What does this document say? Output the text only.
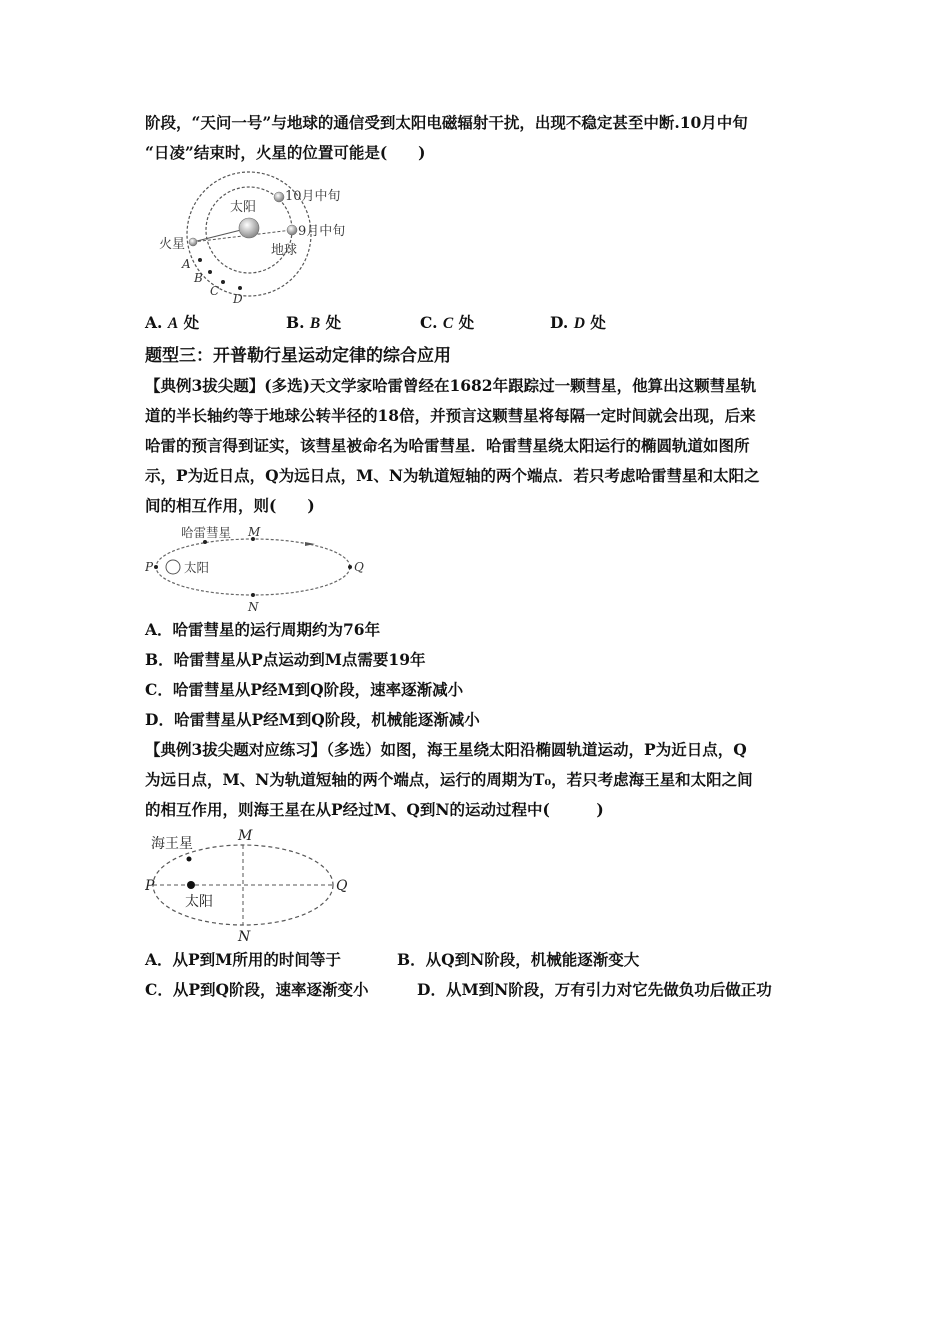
阶段，“天问一号”与地球的通信受到太阳电磁辐射干扰，出现不稳定甚至中断.10月中旬
“日凌”结束时，火星的位置可能是(　　)
太阳
10月中旬
9月中旬
火星	地球
A
B
C
D
A. A 处	B. B 处	C. C 处	D. D 处
题型三：开普勒行星运动定律的综合应用
【典例3拔尖题】(多选)天文学家哈雷曾经在1682年跟踪过一颗彗星，他算出这颗彗星轨
道的半长轴约等于地球公转半径的18倍，并预言这颗彗星将每隔一定时间就会出现，后来
哈雷的预言得到证实，该彗星被命名为哈雷彗星．哈雷彗星绕太阳运行的椭圆轨道如图所
示，P为近日点，Q为远日点，M、N为轨道短轴的两个端点．若只考虑哈雷彗星和太阳之
间的相互作用，则(　　)
哈雷彗星
太阳
M
N
P	Q
A．哈雷彗星的运行周期约为76年
B．哈雷彗星从P点运动到M点需要19年
C．哈雷彗星从P经M到Q阶段，速率逐渐减小
D．哈雷彗星从P经M到Q阶段，机械能逐渐减小
【典例3拔尖题对应练习】（多选）如图，海王星绕太阳沿椭圆轨道运动，P为近日点，Q
为远日点，M、N为轨道短轴的两个端点，运行的周期为T₀，若只考虑海王星和太阳之间
的相互作用，则海王星在从P经过M、Q到N的运动过程中(　　　)
海王星
太阳
M
N
P	Q
A．从P到M所用的时间等于	B．从Q到N阶段，机械能逐渐变大
C．从P到Q阶段，速率逐渐变小	D．从M到N阶段，万有引力对它先做负功后做正功
